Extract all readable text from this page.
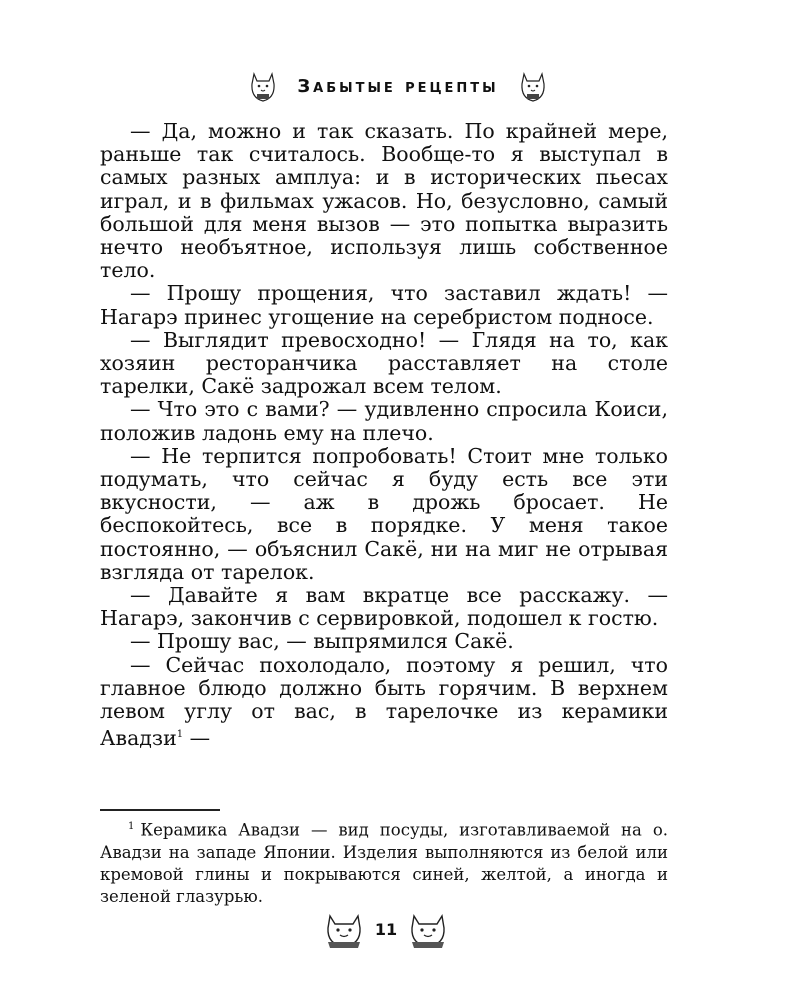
Забытые рецепты

— Да, можно и так сказать. По крайней мере, раньше так считалось. Вообще-то я выступал в самых разных амплуа: и в исторических пьесах играл, и в фильмах ужасов. Но, безусловно, самый большой для меня вызов — это попытка выразить нечто необъятное, используя лишь собственное тело.

— Прошу прощения, что заставил ждать! — Нагарэ принес угощение на серебристом подносе.

— Выглядит превосходно! — Глядя на то, как хозяин ресторанчика расставляет на столе тарелки, Сакё задрожал всем телом.

— Что это с вами? — удивленно спросила Коиси, положив ладонь ему на плечо.

— Не терпится попробовать! Стоит мне только подумать, что сейчас я буду есть все эти вкусности, — аж в дрожь бросает. Не беспокойтесь, все в порядке. У меня такое постоянно, — объяснил Сакё, ни на миг не отрывая взгляда от тарелок.

— Давайте я вам вкратце все расскажу. — Нагарэ, закончив с сервировкой, подошел к гостю.

— Прошу вас, — выпрямился Сакё.

— Сейчас похолодало, поэтому я решил, что главное блюдо должно быть горячим. В верхнем левом углу от вас, в тарелочке из керамики Авадзи$^1$ —

$^1$ Керамика Авадзи — вид посуды, изготавливаемой на о. Авадзи на западе Японии. Изделия выполняются из белой или кремовой глины и покрываются синей, желтой, а иногда и зеленой глазурью.
11
